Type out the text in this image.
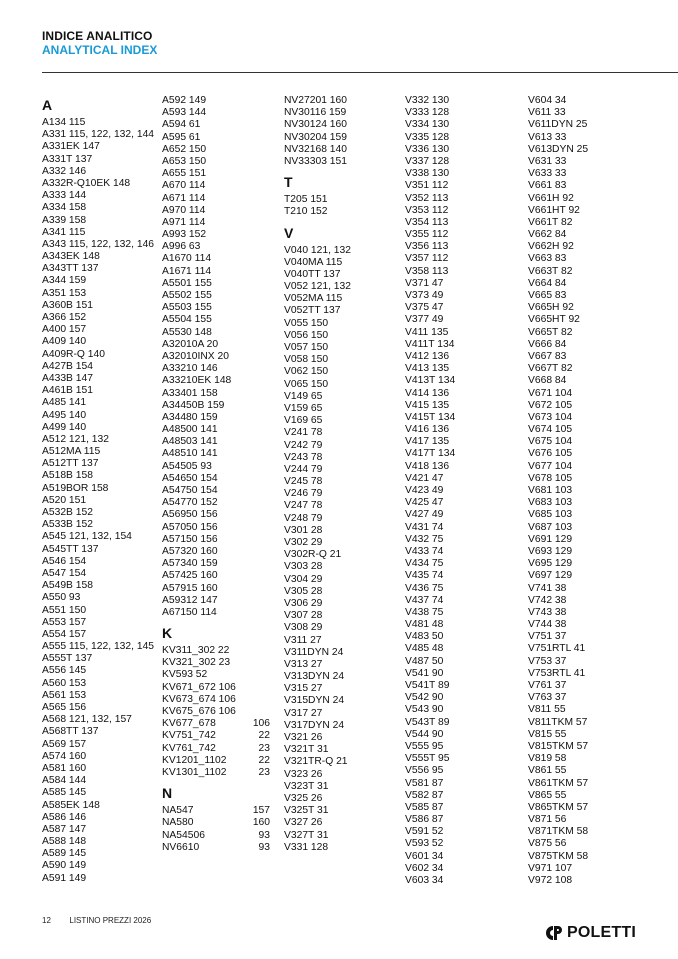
INDICE ANALITICO
ANALYTICAL INDEX
A
A134 115
A331 115, 122, 132, 144
A331EK 147
A331T 137
A332 146
A332R-Q10EK 148
A333 144
A334 158
A339 158
A341 115
A343 115, 122, 132, 146
A343EK 148
A343TT 137
A344 159
A351 153
A360B 151
A366 152
A400 157
A409 140
A409R-Q 140
A427B 154
A433B 147
A461B 151
A485 141
A495 140
A499 140
A512 121, 132
A512MA 115
A512TT 137
A518B 158
A519BOR 158
A520 151
A532B 152
A533B 152
A545 121, 132, 154
A545TT 137
A546 154
A547 154
A549B 158
A550 93
A551 150
A553 157
A554 157
A555 115, 122, 132, 145
A555T 137
A556 145
A560 153
A561 153
A565 156
A568 121, 132, 157
A568TT 137
A569 157
A574 160
A581 160
A584 144
A585 145
A585EK 148
A586 146
A587 147
A588 148
A589 145
A590 149
A591 149
A592 149
A593 144
A594 61
A595 61
A652 150
A653 150
A655 151
A670 114
A671 114
A970 114
A971 114
A993 152
A996 63
A1670 114
A1671 114
A5501 155
A5502 155
A5503 155
A5504 155
A5530 148
A32010A 20
A32010INX 20
A33210 146
A33210EK 148
A33401 158
A34450B 159
A34480 159
A48500 141
A48503 141
A48510 141
A54505 93
A54650 154
A54750 154
A54770 152
A56950 156
A57050 156
A57150 156
A57320 160
A57340 159
A57425 160
A57915 160
A59312 147
A67150 114
K
KV311_302 22
KV321_302 23
KV593 52
KV671_672 106
KV673_674 106
KV675_676 106
KV677_678	106
KV751_742	22
KV761_742	23
KV1201_1102	22
KV1301_1102	23
N
NA547	157
NA580	160
NA54506	93
NV6610	93
NV27201 160
NV30116 159
NV30124 160
NV30204 159
NV32168 140
NV33303 151
T
T205 151
T210 152
V
V040 121, 132
V040MA 115
V040TT 137
V052 121, 132
V052MA 115
V052TT 137
V055 150
V056 150
V057 150
V058 150
V062 150
V065 150
V149 65
V159 65
V169 65
V241 78
V242 79
V243 78
V244 79
V245 78
V246 79
V247 78
V248 79
V301 28
V302 29
V302R-Q 21
V303 28
V304 29
V305 28
V306 29
V307 28
V308 29
V311 27
V311DYN 24
V313 27
V313DYN 24
V315 27
V315DYN 24
V317 27
V317DYN 24
V321 26
V321T 31
V321TR-Q 21
V323 26
V323T 31
V325 26
V325T 31
V327 26
V327T 31
V331 128
V332 130
V333 128
V334 130
V335 128
V336 130
V337 128
V338 130
V351 112
V352 113
V353 112
V354 113
V355 112
V356 113
V357 112
V358 113
V371 47
V373 49
V375 47
V377 49
V411 135
V411T 134
V412 136
V413 135
V413T 134
V414 136
V415 135
V415T 134
V416 136
V417 135
V417T 134
V418 136
V421 47
V423 49
V425 47
V427 49
V431 74
V432 75
V433 74
V434 75
V435 74
V436 75
V437 74
V438 75
V481 48
V483 50
V485 48
V487 50
V541 90
V541T 89
V542 90
V543 90
V543T 89
V544 90
V555 95
V555T 95
V556 95
V581 87
V582 87
V585 87
V586 87
V591 52
V593 52
V601 34
V602 34
V603 34
V604 34
V611 33
V611DYN 25
V613 33
V613DYN 25
V631 33
V633 33
V661 83
V661H 92
V661HT 92
V661T 82
V662 84
V662H 92
V663 83
V663T 82
V664 84
V665 83
V665H 92
V665HT 92
V665T 82
V666 84
V667 83
V667T 82
V668 84
V671 104
V672 105
V673 104
V674 105
V675 104
V676 105
V677 104
V678 105
V681 103
V683 103
V685 103
V687 103
V691 129
V693 129
V695 129
V697 129
V741 38
V742 38
V743 38
V744 38
V751 37
V751RTL 41
V753 37
V753RTL 41
V761 37
V763 37
V811 55
V811TKM 57
V815 55
V815TKM 57
V819 58
V861 55
V861TKM 57
V865 55
V865TKM 57
V871 56
V871TKM 58
V875 56
V875TKM 58
V971 107
V972 108
12 LISTINO PREZZI 2026
POLETTI
